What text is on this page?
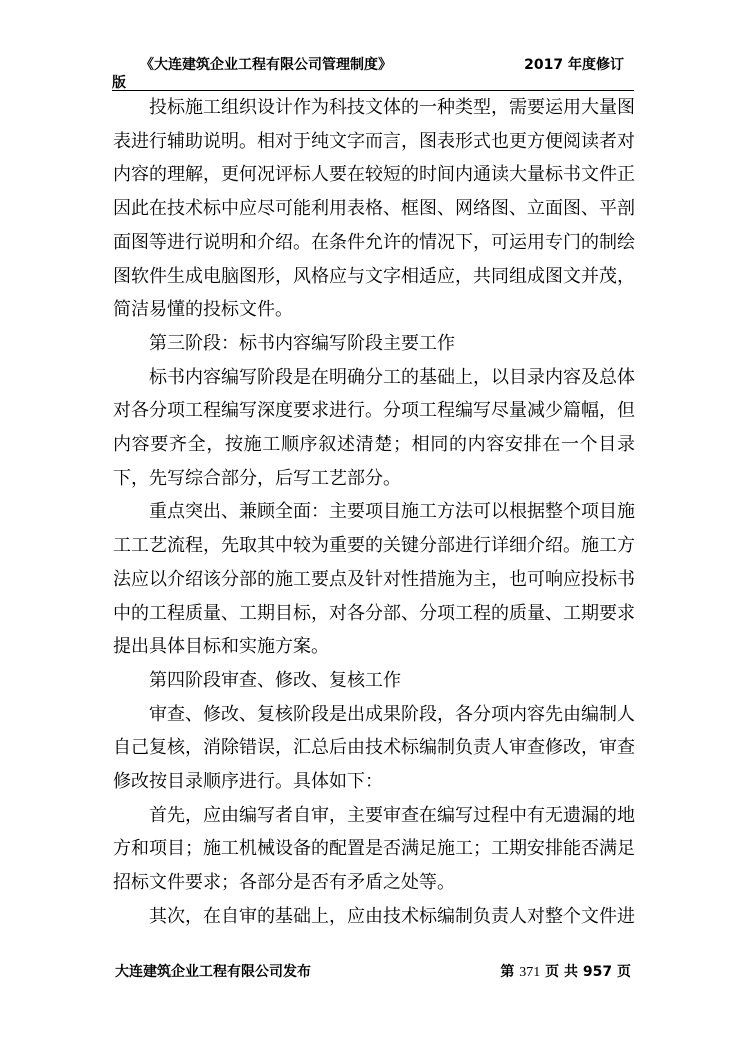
《大连建筑企业工程有限公司管理制度》	2017 年度修订
版

投标施工组织设计作为科技文体的一种类型，需要运用大量图表进行辅助说明。相对于纯文字而言，图表形式也更方便阅读者对内容的理解，更何况评标人要在较短的时间内通读大量标书文件正因此在技术标中应尽可能利用表格、框图、网络图、立面图、平剖面图等进行说明和介绍。在条件允许的情况下，可运用专门的制绘图软件生成电脑图形，风格应与文字相适应，共同组成图文并茂，简洁易懂的投标文件。

第三阶段：标书内容编写阶段主要工作

标书内容编写阶段是在明确分工的基础上，以目录内容及总体对各分项工程编写深度要求进行。分项工程编写尽量减少篇幅，但内容要齐全，按施工顺序叙述清楚；相同的内容安排在一个目录下，先写综合部分，后写工艺部分。

重点突出、兼顾全面：主要项目施工方法可以根据整个项目施工工艺流程，先取其中较为重要的关键分部进行详细介绍。施工方法应以介绍该分部的施工要点及针对性措施为主，也可响应投标书中的工程质量、工期目标，对各分部、分项工程的质量、工期要求提出具体目标和实施方案。

第四阶段审查、修改、复核工作

审查、修改、复核阶段是出成果阶段，各分项内容先由编制人自己复核，消除错误，汇总后由技术标编制负责人审查修改，审查修改按目录顺序进行。具体如下：

首先，应由编写者自审，主要审查在编写过程中有无遗漏的地方和项目；施工机械设备的配置是否满足施工；工期安排能否满足招标文件要求；各部分是否有矛盾之处等。

其次，在自审的基础上，应由技术标编制负责人对整个文件进

大连建筑企业工程有限公司发布	第 371 页 共 957 页
